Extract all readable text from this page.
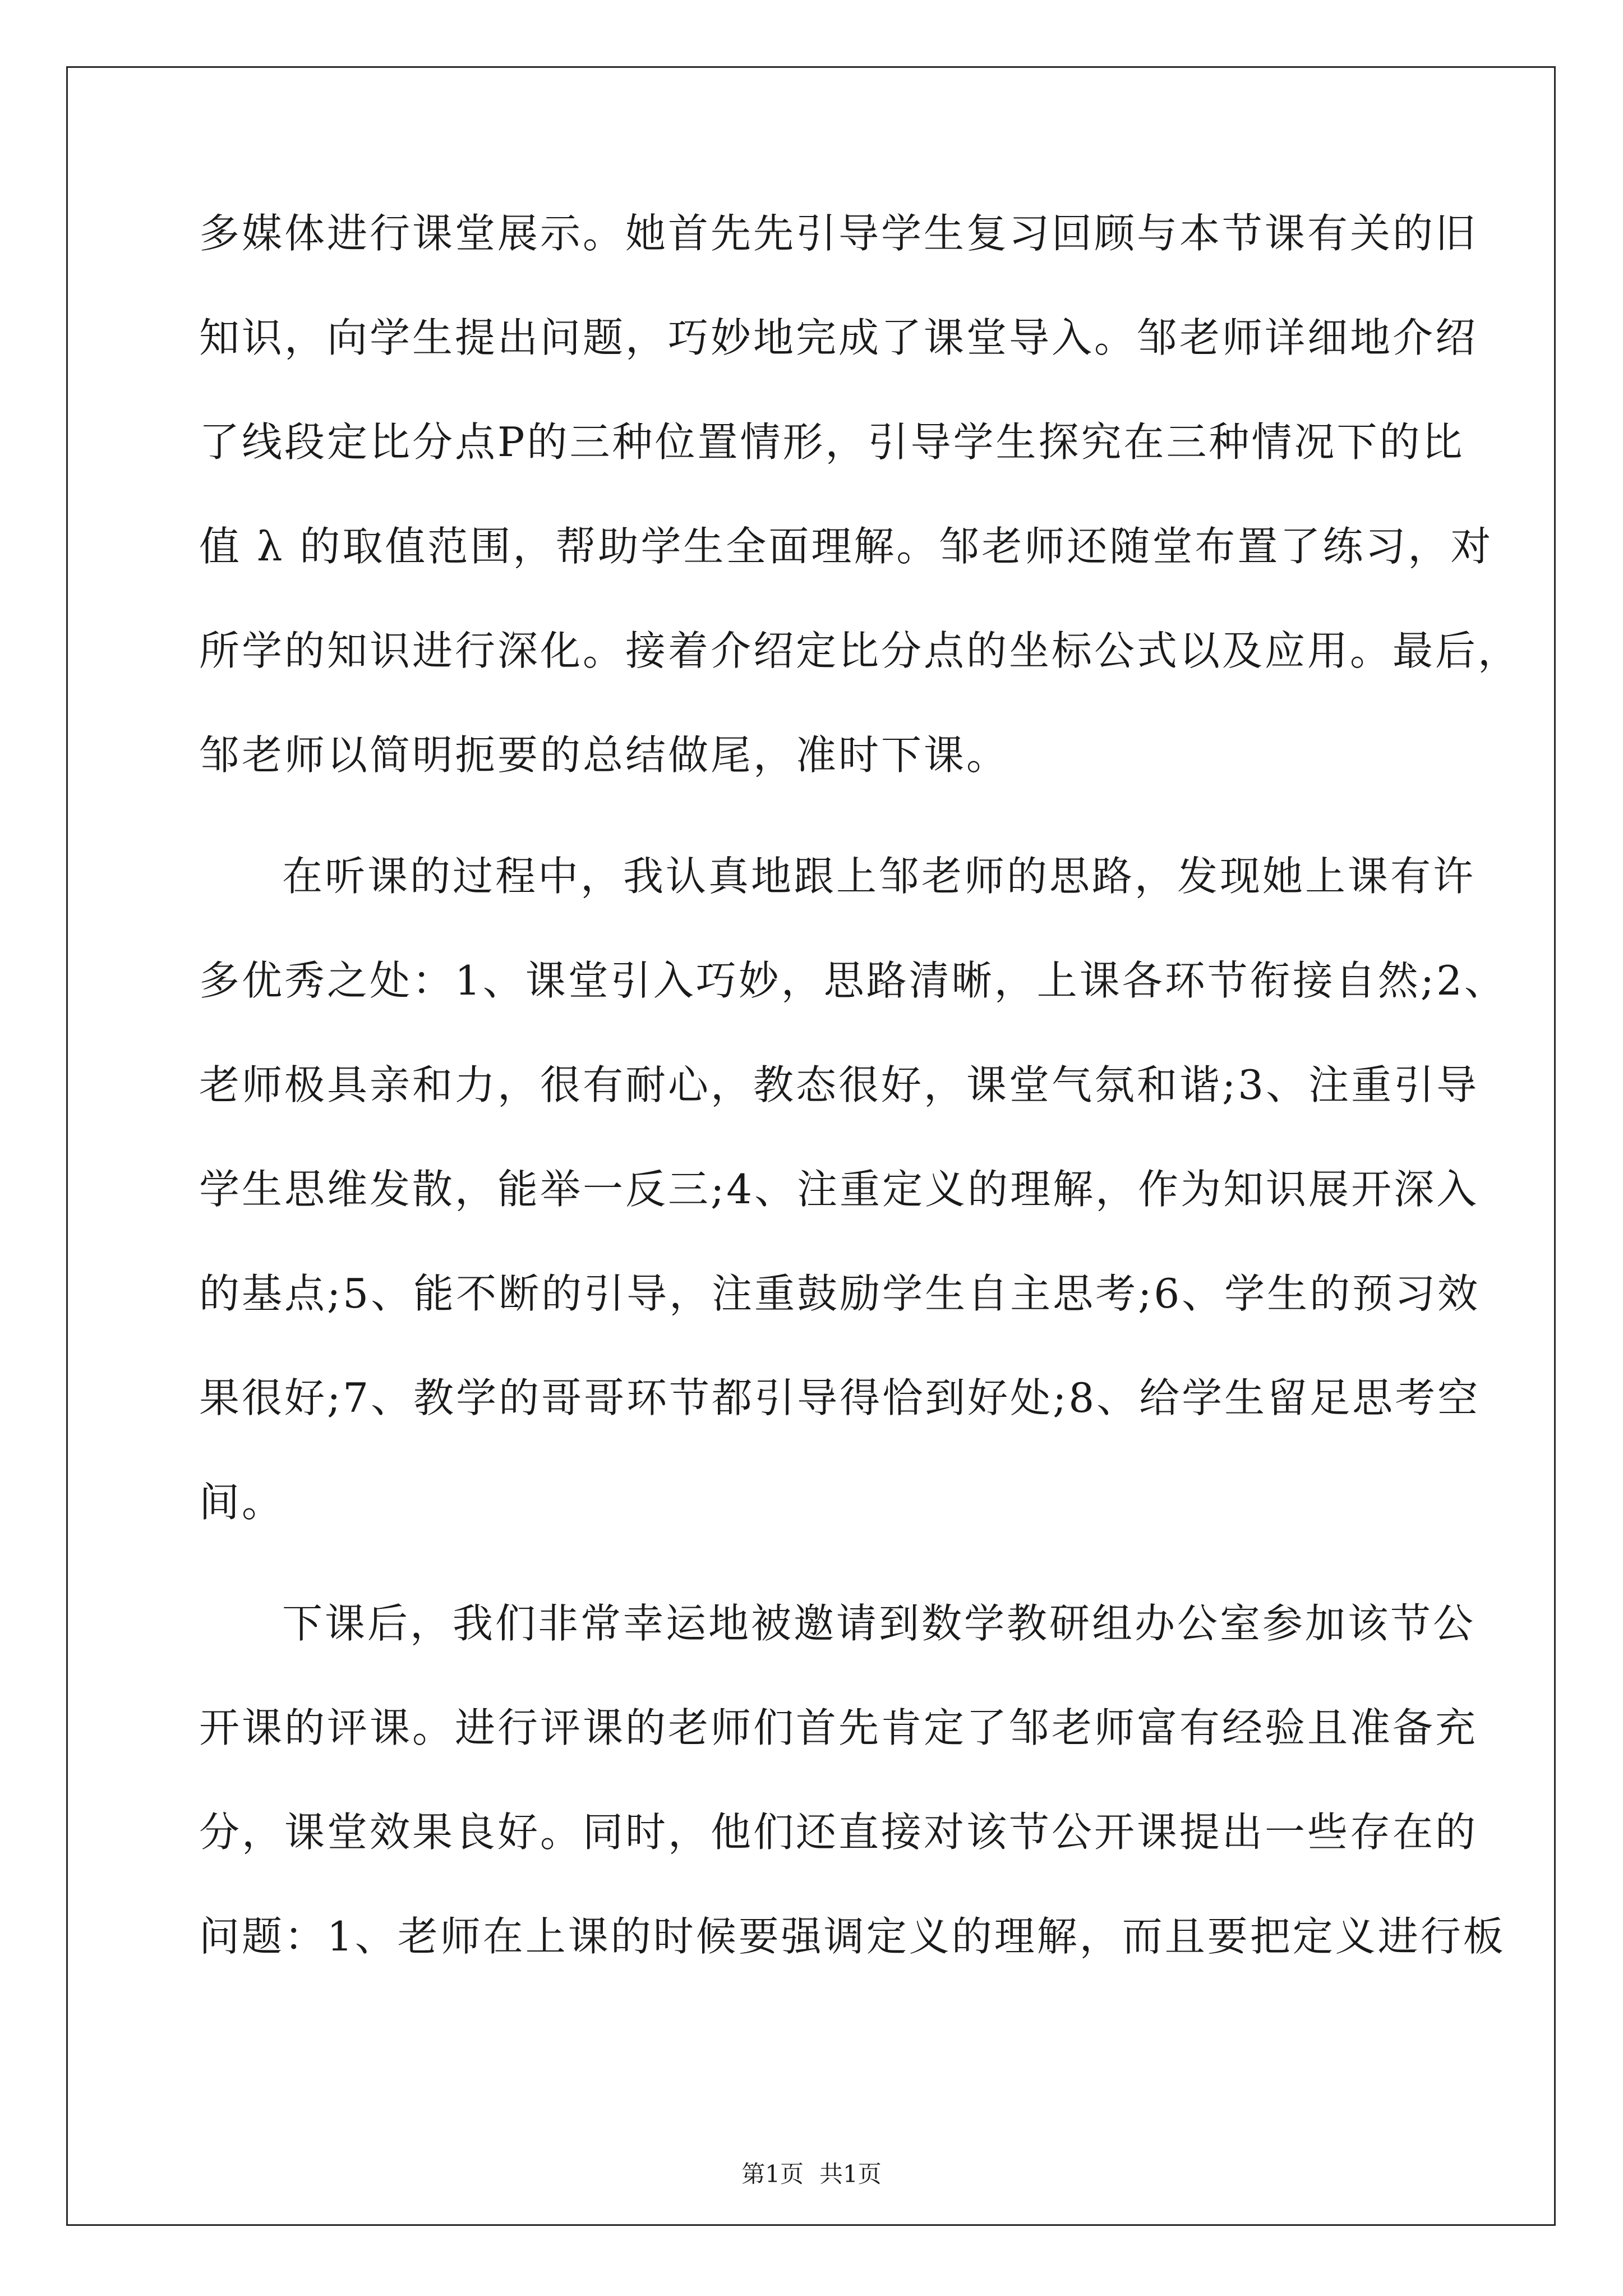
多媒体进行课堂展示。她首先先引导学生复习回顾与本节课有关的旧
知识，向学生提出问题，巧妙地完成了课堂导入。邹老师详细地介绍
了线段定比分点P的三种位置情形，引导学生探究在三种情况下的比
值 λ 的取值范围，帮助学生全面理解。邹老师还随堂布置了练习，对
所学的知识进行深化。接着介绍定比分点的坐标公式以及应用。最后，
邹老师以简明扼要的总结做尾，准时下课。
在听课的过程中，我认真地跟上邹老师的思路，发现她上课有许
多优秀之处：1、课堂引入巧妙，思路清晰，上课各环节衔接自然;2、
老师极具亲和力，很有耐心，教态很好，课堂气氛和谐;3、注重引导
学生思维发散，能举一反三;4、注重定义的理解，作为知识展开深入
的基点;5、能不断的引导，注重鼓励学生自主思考;6、学生的预习效
果很好;7、教学的哥哥环节都引导得恰到好处;8、给学生留足思考空
间。
下课后，我们非常幸运地被邀请到数学教研组办公室参加该节公
开课的评课。进行评课的老师们首先肯定了邹老师富有经验且准备充
分，课堂效果良好。同时，他们还直接对该节公开课提出一些存在的
问题：1、老师在上课的时候要强调定义的理解，而且要把定义进行板
第1页 共1页
